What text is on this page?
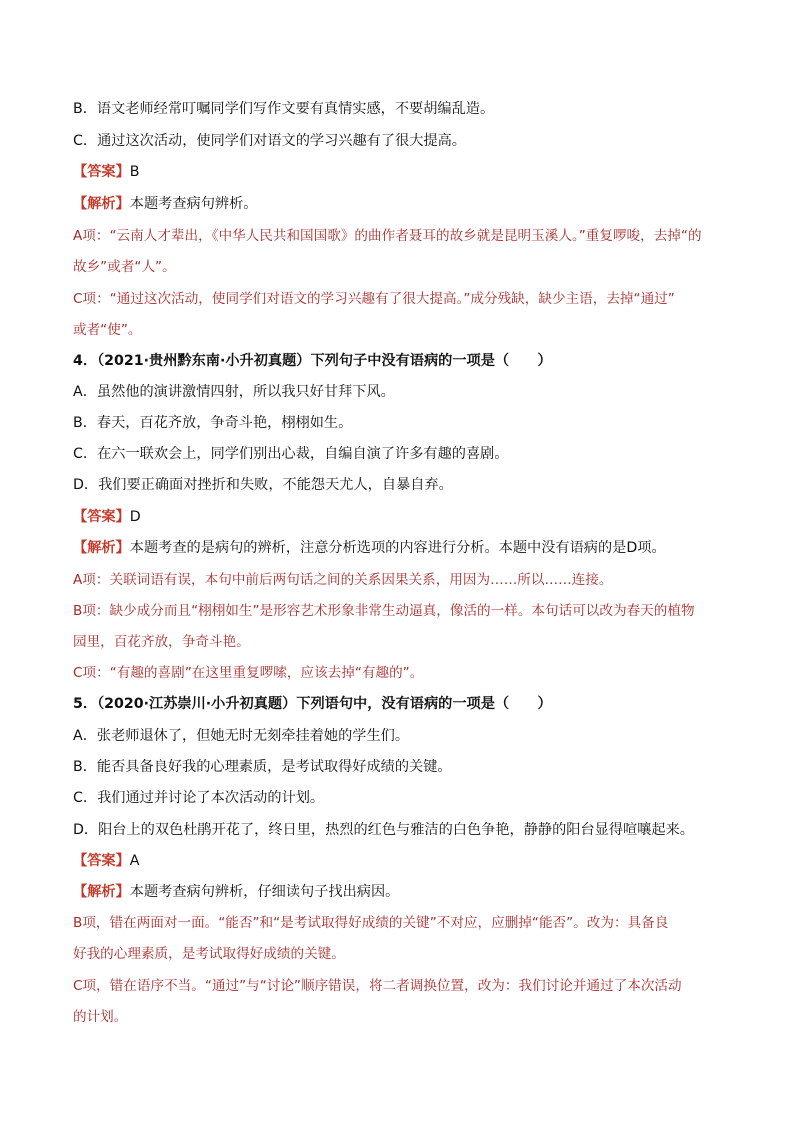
B．语文老师经常叮嘱同学们写作文要有真情实感，不要胡编乱造。
C．通过这次活动，使同学们对语文的学习兴趣有了很大提高。
【答案】B
【解析】本题考查病句辨析。
A项：“云南人才辈出，《中华人民共和国国歌》的曲作者聂耳的故乡就是昆明玉溪人。”重复啰唆，去掉“的
故乡”或者“人”。
C项：“通过这次活动，使同学们对语文的学习兴趣有了很大提高。”成分残缺，缺少主语，去掉“通过”
或者“使”。
4．（2021·贵州黔东南·小升初真题）下列句子中没有语病的一项是（　　）
A．虽然他的演讲激情四射，所以我只好甘拜下风。
B．春天，百花齐放，争奇斗艳，栩栩如生。
C．在六一联欢会上，同学们别出心裁，自编自演了许多有趣的喜剧。
D．我们要正确面对挫折和失败，不能怨天尤人，自暴自弃。
【答案】D
【解析】本题考查的是病句的辨析，注意分析选项的内容进行分析。本题中没有语病的是D项。
A项：关联词语有误，本句中前后两句话之间的关系因果关系，用因为……所以……连接。
B项：缺少成分而且“栩栩如生”是形容艺术形象非常生动逼真，像活的一样。本句话可以改为春天的植物
园里，百花齐放，争奇斗艳。
C项：“有趣的喜剧”在这里重复啰嗦，应该去掉“有趣的”。
5．（2020·江苏崇川·小升初真题）下列语句中，没有语病的一项是（　　）
A．张老师退休了，但她无时无刻牵挂着她的学生们。
B．能否具备良好我的心理素质，是考试取得好成绩的关键。
C．我们通过并讨论了本次活动的计划。
D．阳台上的双色杜鹃开花了，终日里，热烈的红色与雅洁的白色争艳，静静的阳台显得喧嚷起来。
【答案】A
【解析】本题考查病句辨析，仔细读句子找出病因。
B项，错在两面对一面。“能否”和“是考试取得好成绩的关键”不对应，应删掉“能否”。改为：具备良
好我的心理素质，是考试取得好成绩的关键。
C项，错在语序不当。“通过”与“讨论”顺序错误，将二者调换位置，改为：我们讨论并通过了本次活动
的计划。
